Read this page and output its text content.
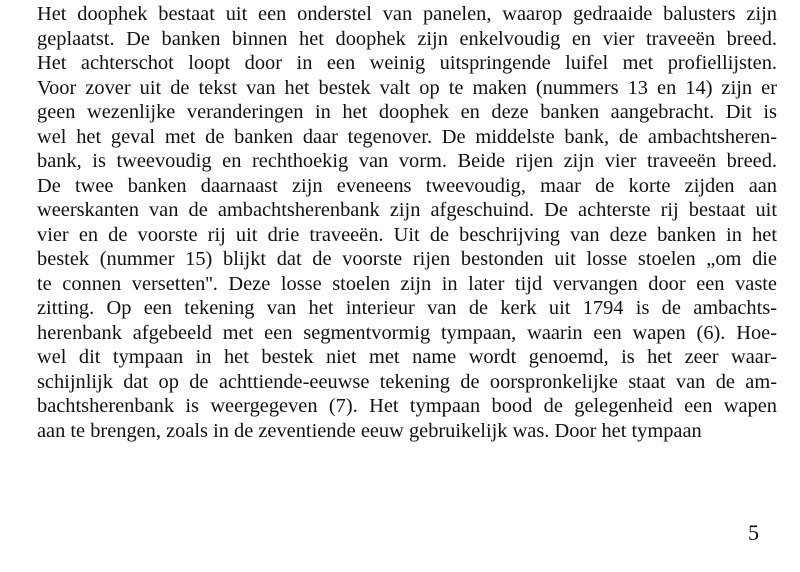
Het doophek bestaat uit een onderstel van panelen, waarop gedraaide balusters zijn
geplaatst. De banken binnen het doophek zijn enkelvoudig en vier traveeën breed.
Het achterschot loopt door in een weinig uitspringende luifel met profiellijsten.
Voor zover uit de tekst van het bestek valt op te maken (nummers 13 en 14) zijn er
geen wezenlijke veranderingen in het doophek en deze banken aangebracht. Dit is
wel het geval met de banken daar tegenover. De middelste bank, de ambachtsheren-
bank, is tweevoudig en rechthoekig van vorm. Beide rijen zijn vier traveeën breed.
De twee banken daarnaast zijn eveneens tweevoudig, maar de korte zijden aan
weerskanten van de ambachtsherenbank zijn afgeschuind. De achterste rij bestaat uit
vier en de voorste rij uit drie traveeën. Uit de beschrijving van deze banken in het
bestek (nummer 15) blijkt dat de voorste rijen bestonden uit losse stoelen „om die
te connen versetten''. Deze losse stoelen zijn in later tijd vervangen door een vaste
zitting. Op een tekening van het interieur van de kerk uit 1794 is de ambachts-
herenbank afgebeeld met een segmentvormig tympaan, waarin een wapen (6). Hoe-
wel dit tympaan in het bestek niet met name wordt genoemd, is het zeer waar-
schijnlijk dat op de achttiende-eeuwse tekening de oorspronkelijke staat van de am-
bachtsherenbank is weergegeven (7). Het tympaan bood de gelegenheid een wapen
aan te brengen, zoals in de zeventiende eeuw gebruikelijk was. Door het tympaan
5
